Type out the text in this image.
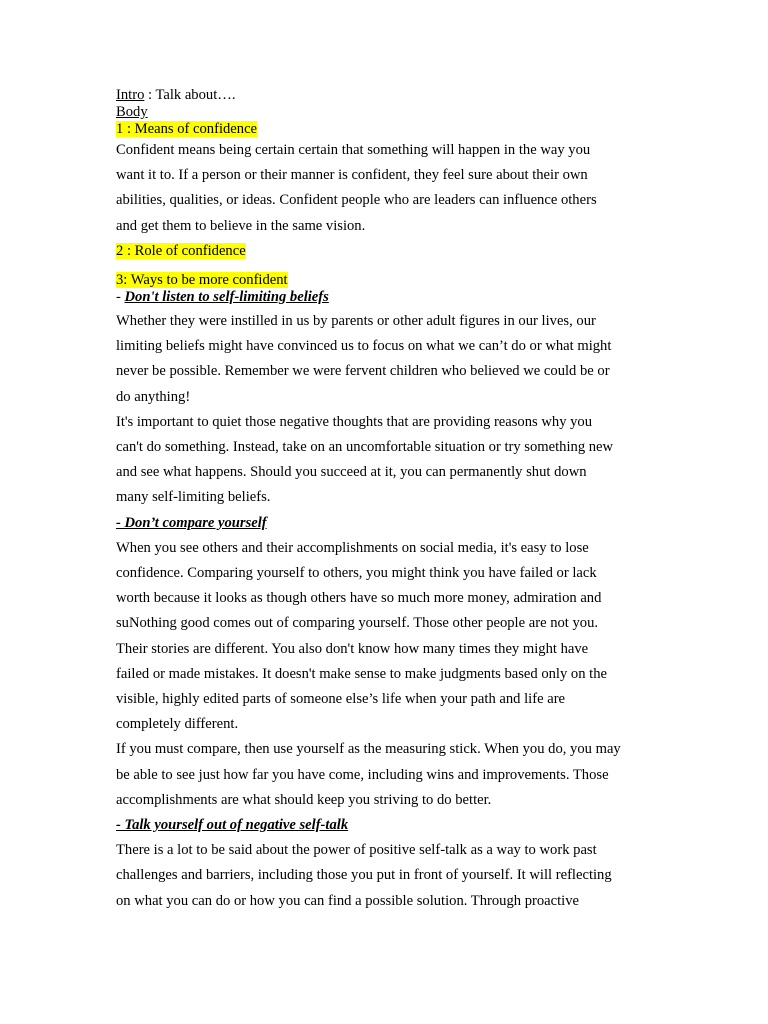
Intro : Talk about….
Body
1 : Means of confidence
Confident means being certain certain that something will happen in the way you
want it to. If a person or their manner is confident, they feel sure about their own
abilities, qualities, or ideas. Confident people who are leaders can influence others
and get them to believe in the same vision.
2 : Role of confidence
3: Ways to be more confident
- Don't listen to self-limiting beliefs
Whether they were instilled in us by parents or other adult figures in our lives, our
limiting beliefs might have convinced us to focus on what we can’t do or what might
never be possible. Remember we were fervent children who believed we could be or
do anything!
It's important to quiet those negative thoughts that are providing reasons why you
can't do something. Instead, take on an uncomfortable situation or try something new
and see what happens. Should you succeed at it, you can permanently shut down
many self-limiting beliefs.
- Don’t compare yourself
When you see others and their accomplishments on social media, it's easy to lose
confidence. Comparing yourself to others, you might think you have failed or lack
worth because it looks as though others have so much more money, admiration and
suNothing good comes out of comparing yourself. Those other people are not you.
Their stories are different. You also don't know how many times they might have
failed or made mistakes. It doesn't make sense to make judgments based only on the
visible, highly edited parts of someone else’s life when your path and life are
completely different.
If you must compare, then use yourself as the measuring stick. When you do, you may
be able to see just how far you have come, including wins and improvements. Those
accomplishments are what should keep you striving to do better.
- Talk yourself out of negative self-talk
There is a lot to be said about the power of positive self-talk as a way to work past
challenges and barriers, including those you put in front of yourself. It will reflecting
on what you can do or how you can find a possible solution. Through proactive
